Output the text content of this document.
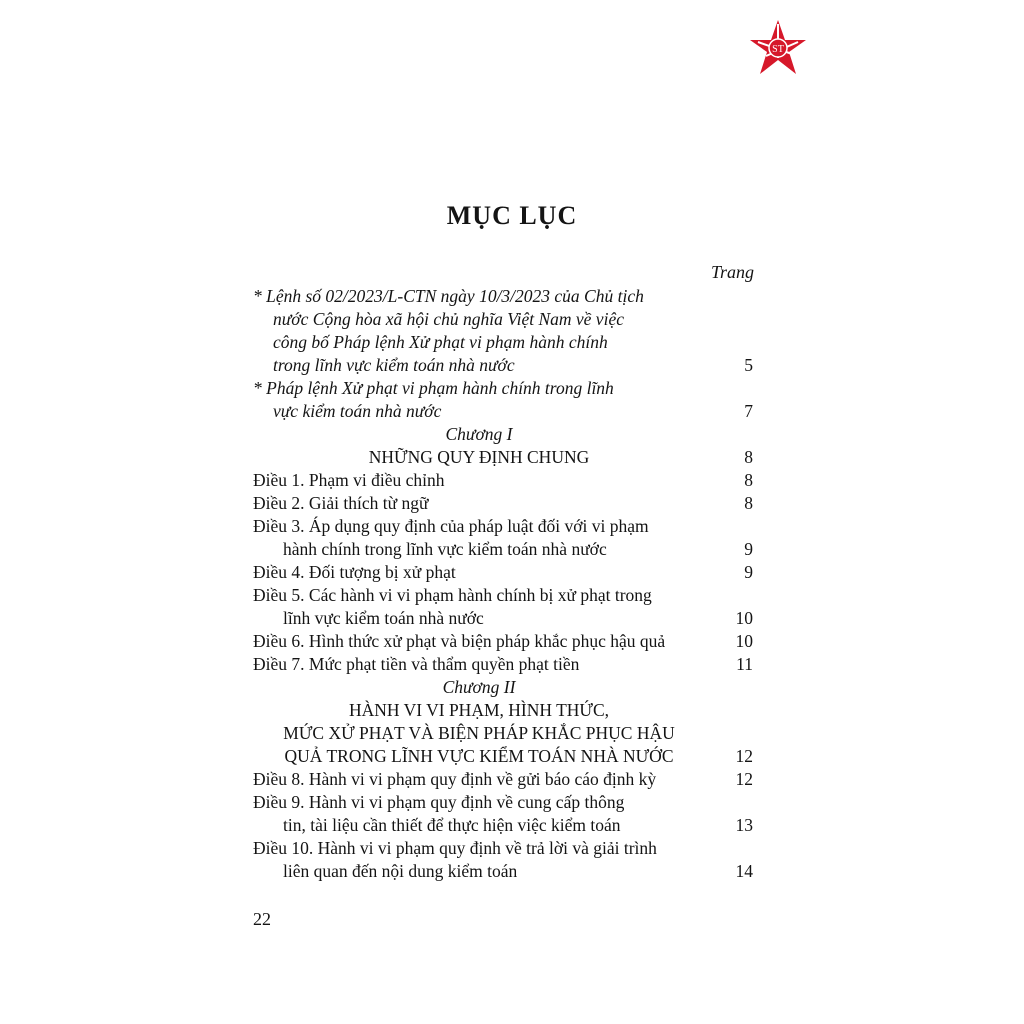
ST
MỤC LỤC
Trang
* Lệnh số 02/2023/L-CTN ngày 10/3/2023 của Chủ tịch
nước Cộng hòa xã hội chủ nghĩa Việt Nam về việc
công bố Pháp lệnh Xử phạt vi phạm hành chính
trong lĩnh vực kiểm toán nhà nước	5
* Pháp lệnh Xử phạt vi phạm hành chính trong lĩnh
vực kiểm toán nhà nước	7
Chương I
NHỮNG QUY ĐỊNH CHUNG	8
Điều 1. Phạm vi điều chỉnh	8
Điều 2. Giải thích từ ngữ	8
Điều 3. Áp dụng quy định của pháp luật đối với vi phạm
hành chính trong lĩnh vực kiểm toán nhà nước	9
Điều 4. Đối tượng bị xử phạt	9
Điều 5. Các hành vi vi phạm hành chính bị xử phạt trong
lĩnh vực kiểm toán nhà nước	10
Điều 6. Hình thức xử phạt và biện pháp khắc phục hậu quả	10
Điều 7. Mức phạt tiền và thẩm quyền phạt tiền	11
Chương II
HÀNH VI VI PHẠM, HÌNH THỨC,
MỨC XỬ PHẠT VÀ BIỆN PHÁP KHẮC PHỤC HẬU
QUẢ TRONG LĨNH VỰC KIỂM TOÁN NHÀ NƯỚC	12
Điều 8. Hành vi vi phạm quy định về gửi báo cáo định kỳ	12
Điều 9. Hành vi vi phạm quy định về cung cấp thông
tin, tài liệu cần thiết để thực hiện việc kiểm toán	13
Điều 10. Hành vi vi phạm quy định về trả lời và giải trình
liên quan đến nội dung kiểm toán	14
22
